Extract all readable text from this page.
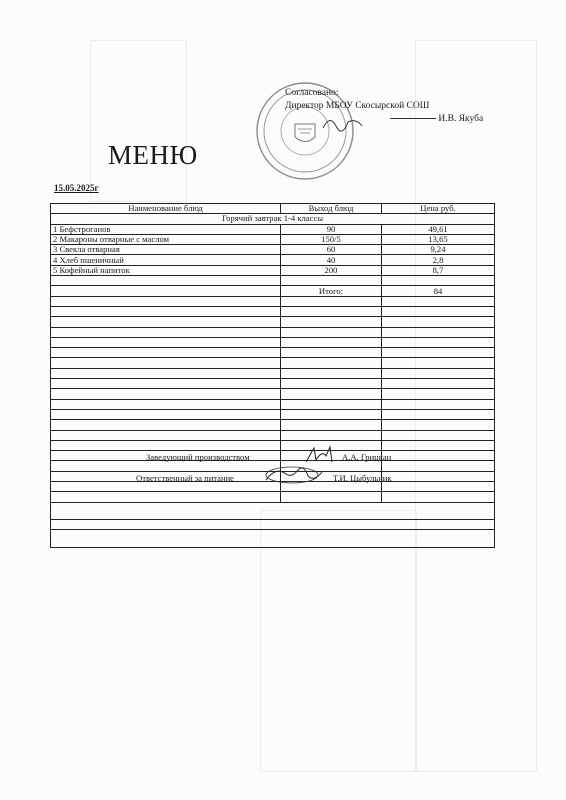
Согласовано:
Директор МБОУ Скосырской СОШ
И.В. Якуба
МЕНЮ
15.05.2025г
Наименование блюд	Выход блюд	Цена руб.
Горячий завтрак 1-4 классы		
1 Бефстроганов	90	49,61
2 Макароны отварные с маслом	150/5	13,65
3 Свекла отварная	60	9,24
4 Хлеб пшеничный	40	2,8
5 Кофейный напиток	200	8,7

	Итого:	84

Заведующий производством	А.А. Грицкан
Ответственный за питание	Т.И. Цыбульник
